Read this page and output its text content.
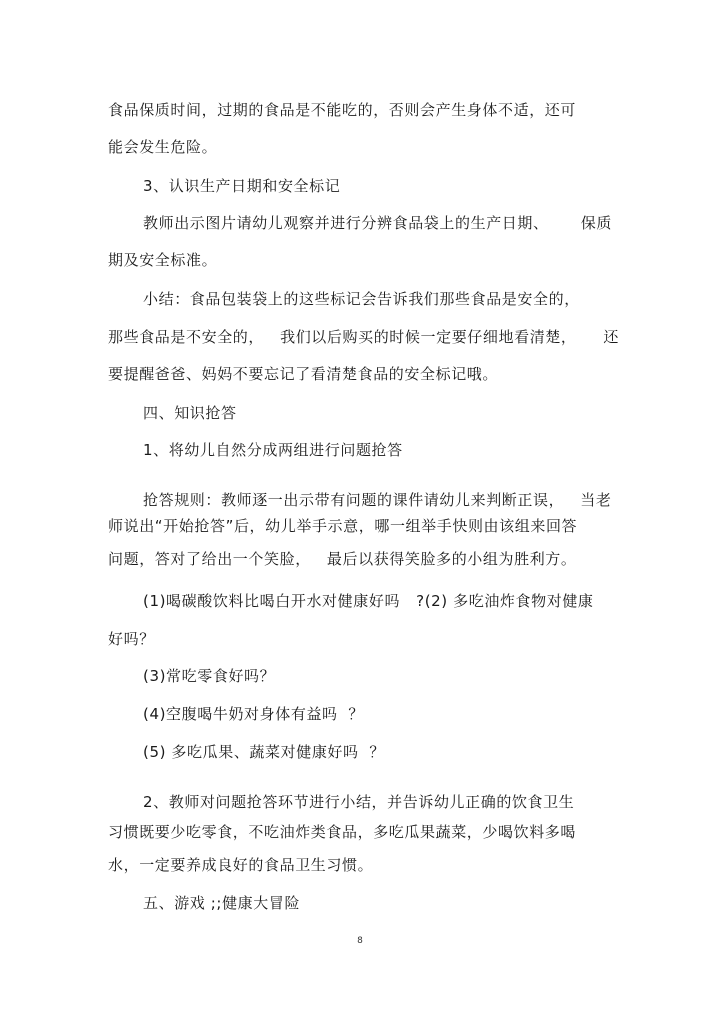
食品保质时间，过期的食品是不能吃的，否则会产生身体不适，还可
能会发生危险。
3、认识生产日期和安全标记
教师出示图片请幼儿观察并进行分辨食品袋上的生产日期、      保质
期及安全标准。
小结：食品包装袋上的这些标记会告诉我们那些食品是安全的，
那些食品是不安全的，   我们以后购买的时候一定要仔细地看清楚，     还
要提醒爸爸、妈妈不要忘记了看清楚食品的安全标记哦。
四、知识抢答
1、将幼儿自然分成两组进行问题抢答
抢答规则：教师逐一出示带有问题的课件请幼儿来判断正误，   当老
师说出“开始抢答”后，幼儿举手示意，哪一组举手快则由该组来回答
问题，答对了给出一个笑脸，   最后以获得笑脸多的小组为胜利方。
(1)喝碳酸饮料比喝白开水对健康好吗   ?(2) 多吃油炸食物对健康
好吗？
(3)常吃零食好吗？
(4)空腹喝牛奶对身体有益吗  ？
(5) 多吃瓜果、蔬菜对健康好吗  ？
2、教师对问题抢答环节进行小结，并告诉幼儿正确的饮食卫生
习惯既要少吃零食，不吃油炸类食品，多吃瓜果蔬菜，少喝饮料多喝
水，一定要养成良好的食品卫生习惯。
五、游戏 ;;健康大冒险
8
